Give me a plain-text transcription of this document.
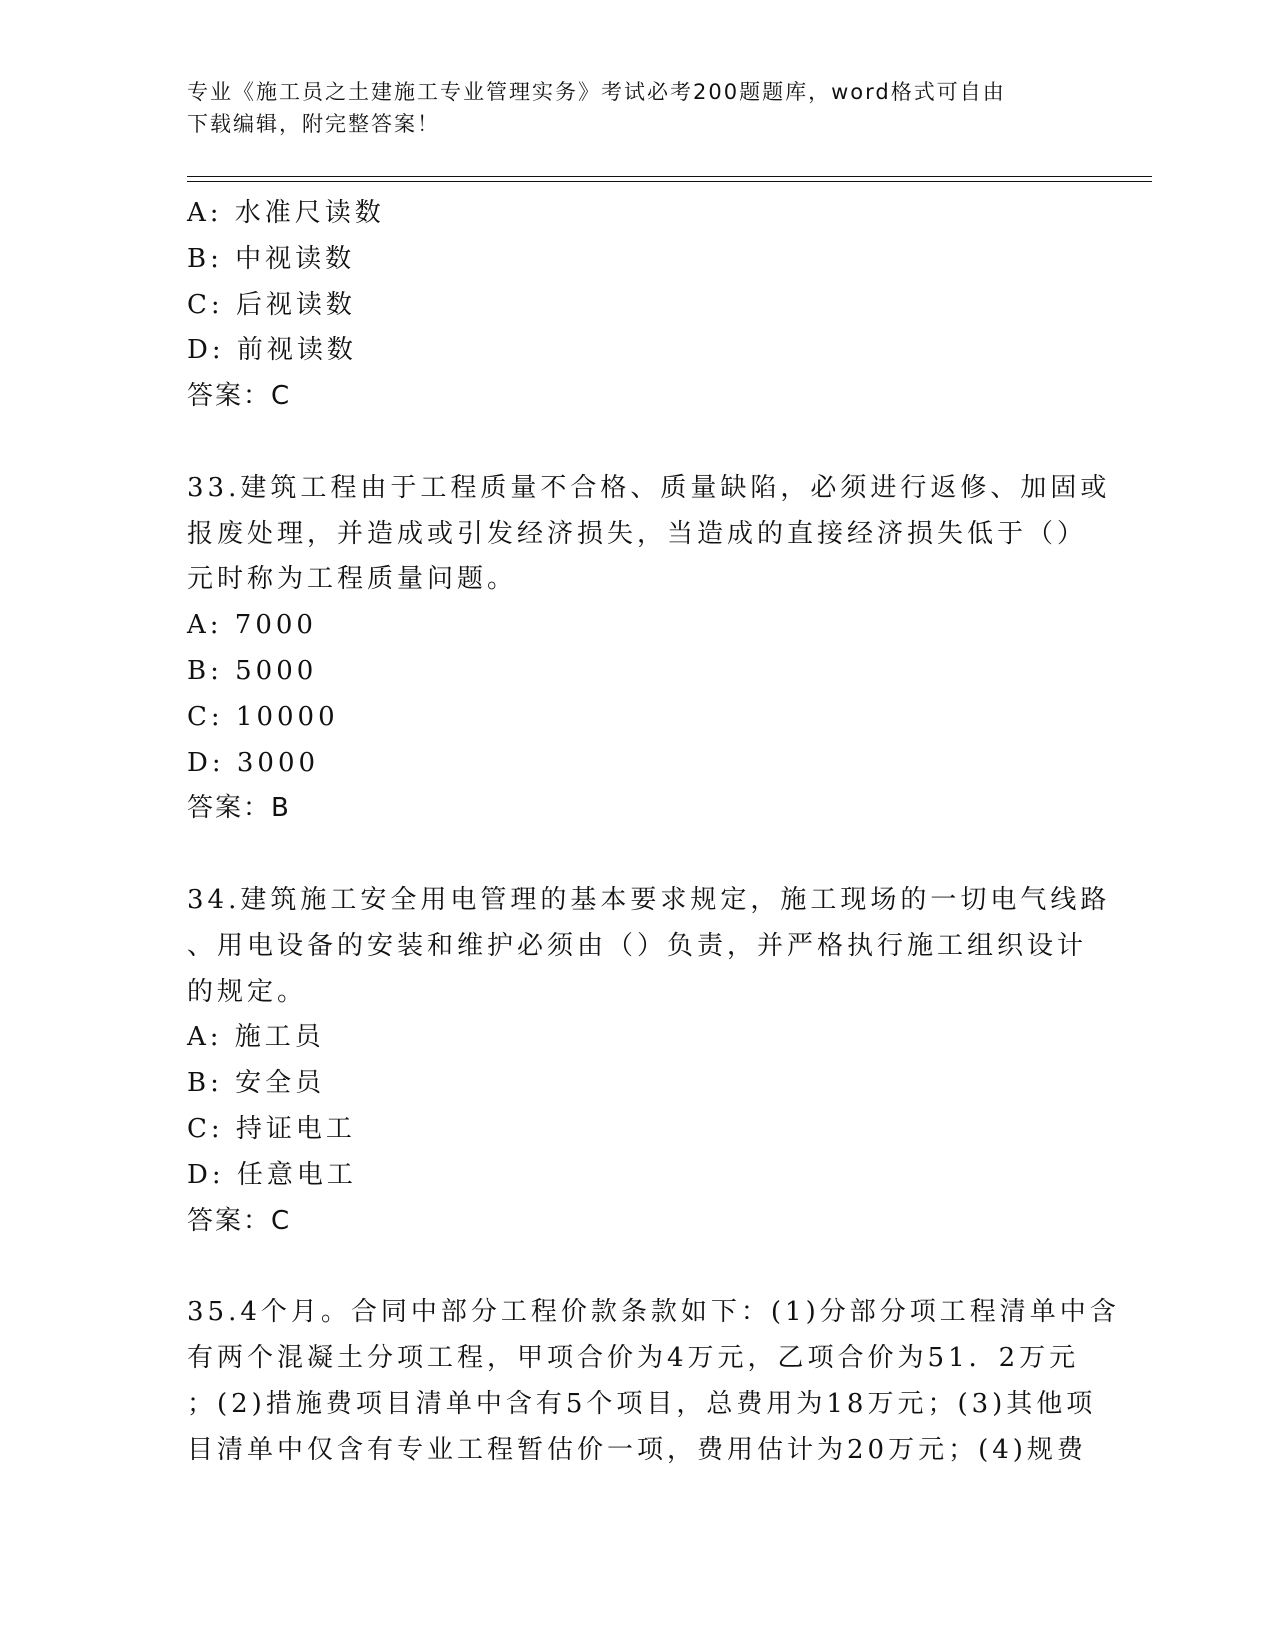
专业《施工员之土建施工专业管理实务》考试必考200题题库，word格式可自由
下载编辑，附完整答案！
A: 水准尺读数
B: 中视读数
C: 后视读数
D: 前视读数
答案：C
33.建筑工程由于工程质量不合格、质量缺陷，必须进行返修、加固或
报废处理，并造成或引发经济损失，当造成的直接经济损失低于（）
元时称为工程质量问题。
A: 7000
B: 5000
C: 10000
D: 3000
答案：B
34.建筑施工安全用电管理的基本要求规定，施工现场的一切电气线路
、用电设备的安装和维护必须由（）负责，并严格执行施工组织设计
的规定。
A: 施工员
B: 安全员
C: 持证电工
D: 任意电工
答案：C
35.4个月。合同中部分工程价款条款如下：(1)分部分项工程清单中含
有两个混凝土分项工程，甲项合价为4万元，乙项合价为51．2万元
；(2)措施费项目清单中含有5个项目，总费用为18万元；(3)其他项
目清单中仅含有专业工程暂估价一项，费用估计为20万元；(4)规费
